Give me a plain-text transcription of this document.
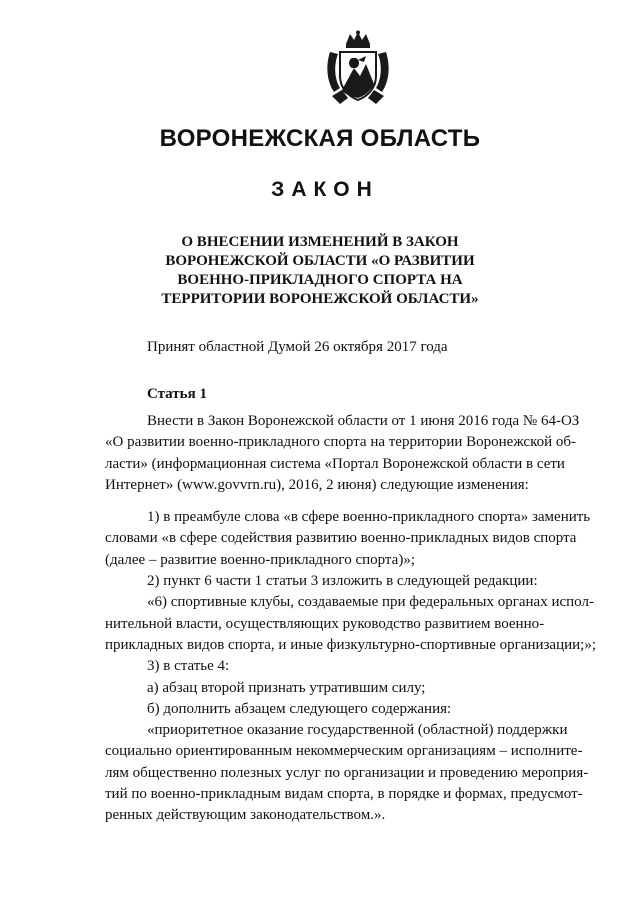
ВОРОНЕЖСКАЯ ОБЛАСТЬ
ЗАКОН
О ВНЕСЕНИИ ИЗМЕНЕНИЙ В ЗАКОН
ВОРОНЕЖСКОЙ ОБЛАСТИ «О РАЗВИТИИ
ВОЕННО-ПРИКЛАДНОГО СПОРТА НА
ТЕРРИТОРИИ ВОРОНЕЖСКОЙ ОБЛАСТИ»
Принят областной Думой 26 октября 2017 года
Статья 1
Внести в Закон Воронежской области от 1 июня 2016 года № 64-ОЗ
«О развитии военно-прикладного спорта на территории Воронежской об-
ласти» (информационная система «Портал Воронежской области в сети
Интернет» (www.govvrn.ru), 2016, 2 июня) следующие изменения:
1) в преамбуле слова «в сфере военно-прикладного спорта» заменить
словами «в сфере содействия развитию военно-прикладных видов спорта
(далее – развитие военно-прикладного спорта)»;
2) пункт 6 части 1 статьи 3 изложить в следующей редакции:
«6) спортивные клубы, создаваемые при федеральных органах испол-
нительной власти, осуществляющих руководство развитием военно-
прикладных видов спорта, и иные физкультурно-спортивные организации;»;
3) в статье 4:
а) абзац второй признать утратившим силу;
б) дополнить абзацем следующего содержания:
«приоритетное оказание государственной (областной) поддержки
социально ориентированным некоммерческим организациям – исполните-
лям общественно полезных услуг по организации и проведению мероприя-
тий по военно-прикладным видам спорта, в порядке и формах, предусмот-
ренных действующим законодательством.».
